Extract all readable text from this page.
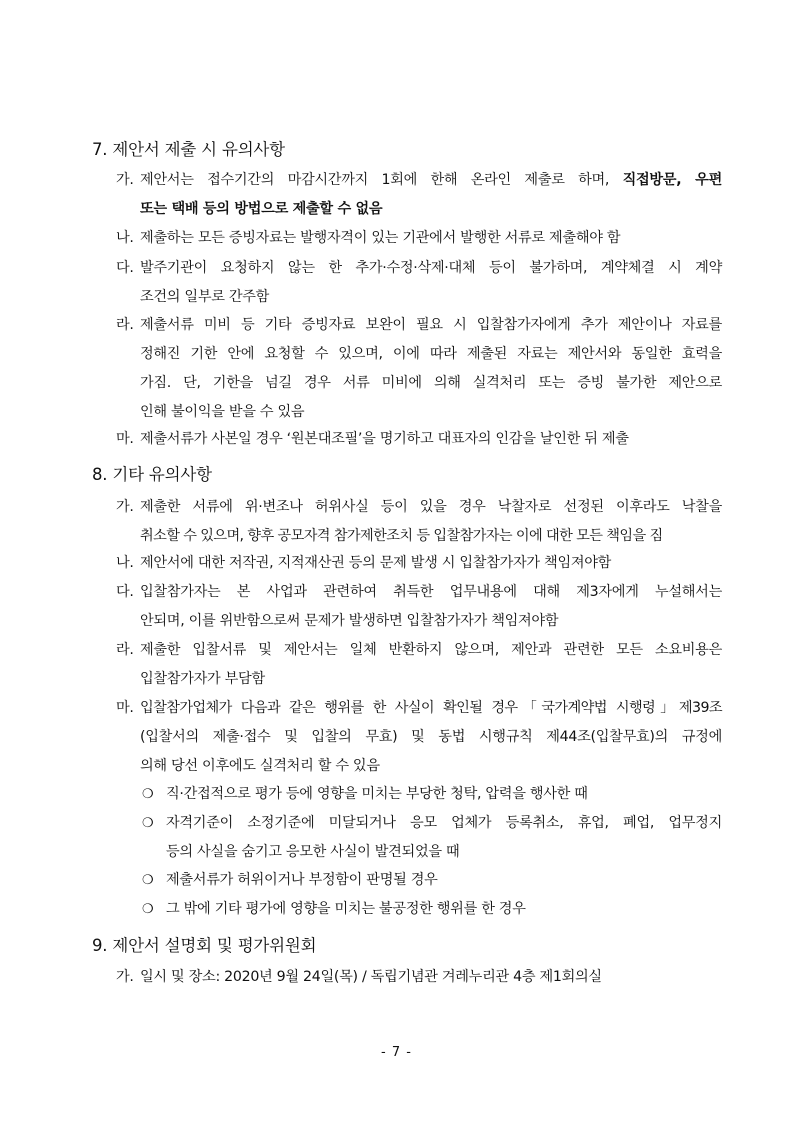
7. 제안서 제출 시 유의사항
가. 제안서는 접수기간의 마감시간까지 1회에 한해 온라인 제출로 하며, 직접방문, 우편
또는 택배 등의 방법으로 제출할 수 없음
나. 제출하는 모든 증빙자료는 발행자격이 있는 기관에서 발행한 서류로 제출해야 함
다. 발주기관이 요청하지 않는 한 추가·수정·삭제·대체 등이 불가하며, 계약체결 시 계약
조건의 일부로 간주함
라. 제출서류 미비 등 기타 증빙자료 보완이 필요 시 입찰참가자에게 추가 제안이나 자료를
정해진 기한 안에 요청할 수 있으며, 이에 따라 제출된 자료는 제안서와 동일한 효력을
가짐. 단, 기한을 넘길 경우 서류 미비에 의해 실격처리 또는 증빙 불가한 제안으로
인해 불이익을 받을 수 있음
마. 제출서류가 사본일 경우 ‘원본대조필’을 명기하고 대표자의 인감을 날인한 뒤 제출
8. 기타 유의사항
가. 제출한 서류에 위·변조나 허위사실 등이 있을 경우 낙찰자로 선정된 이후라도 낙찰을
취소할 수 있으며, 향후 공모자격 참가제한조치 등 입찰참가자는 이에 대한 모든 책임을 짐
나. 제안서에 대한 저작권, 지적재산권 등의 문제 발생 시 입찰참가자가 책임져야함
다. 입찰참가자는 본 사업과 관련하여 취득한 업무내용에 대해 제3자에게 누설해서는
안되며, 이를 위반함으로써 문제가 발생하면 입찰참가자가 책임져야함
라. 제출한 입찰서류 및 제안서는 일체 반환하지 않으며, 제안과 관련한 모든 소요비용은
입찰참가자가 부담함
마. 입찰참가업체가 다음과 같은 행위를 한 사실이 확인될 경우「국가계약법 시행령」제39조
(입찰서의 제출·접수 및 입찰의 무효) 및 동법 시행규칙 제44조(입찰무효)의 규정에
의해 당선 이후에도 실격처리 할 수 있음
❍ 직·간접적으로 평가 등에 영향을 미치는 부당한 청탁, 압력을 행사한 때
❍ 자격기준이 소정기준에 미달되거나 응모 업체가 등록취소, 휴업, 폐업, 업무정지
등의 사실을 숨기고 응모한 사실이 발견되었을 때
❍ 제출서류가 허위이거나 부정함이 판명될 경우
❍ 그 밖에 기타 평가에 영향을 미치는 불공정한 행위를 한 경우
9. 제안서 설명회 및 평가위원회
가. 일시 및 장소: 2020년 9월 24일(목) / 독립기념관 겨레누리관 4층 제1회의실
- 7 -
